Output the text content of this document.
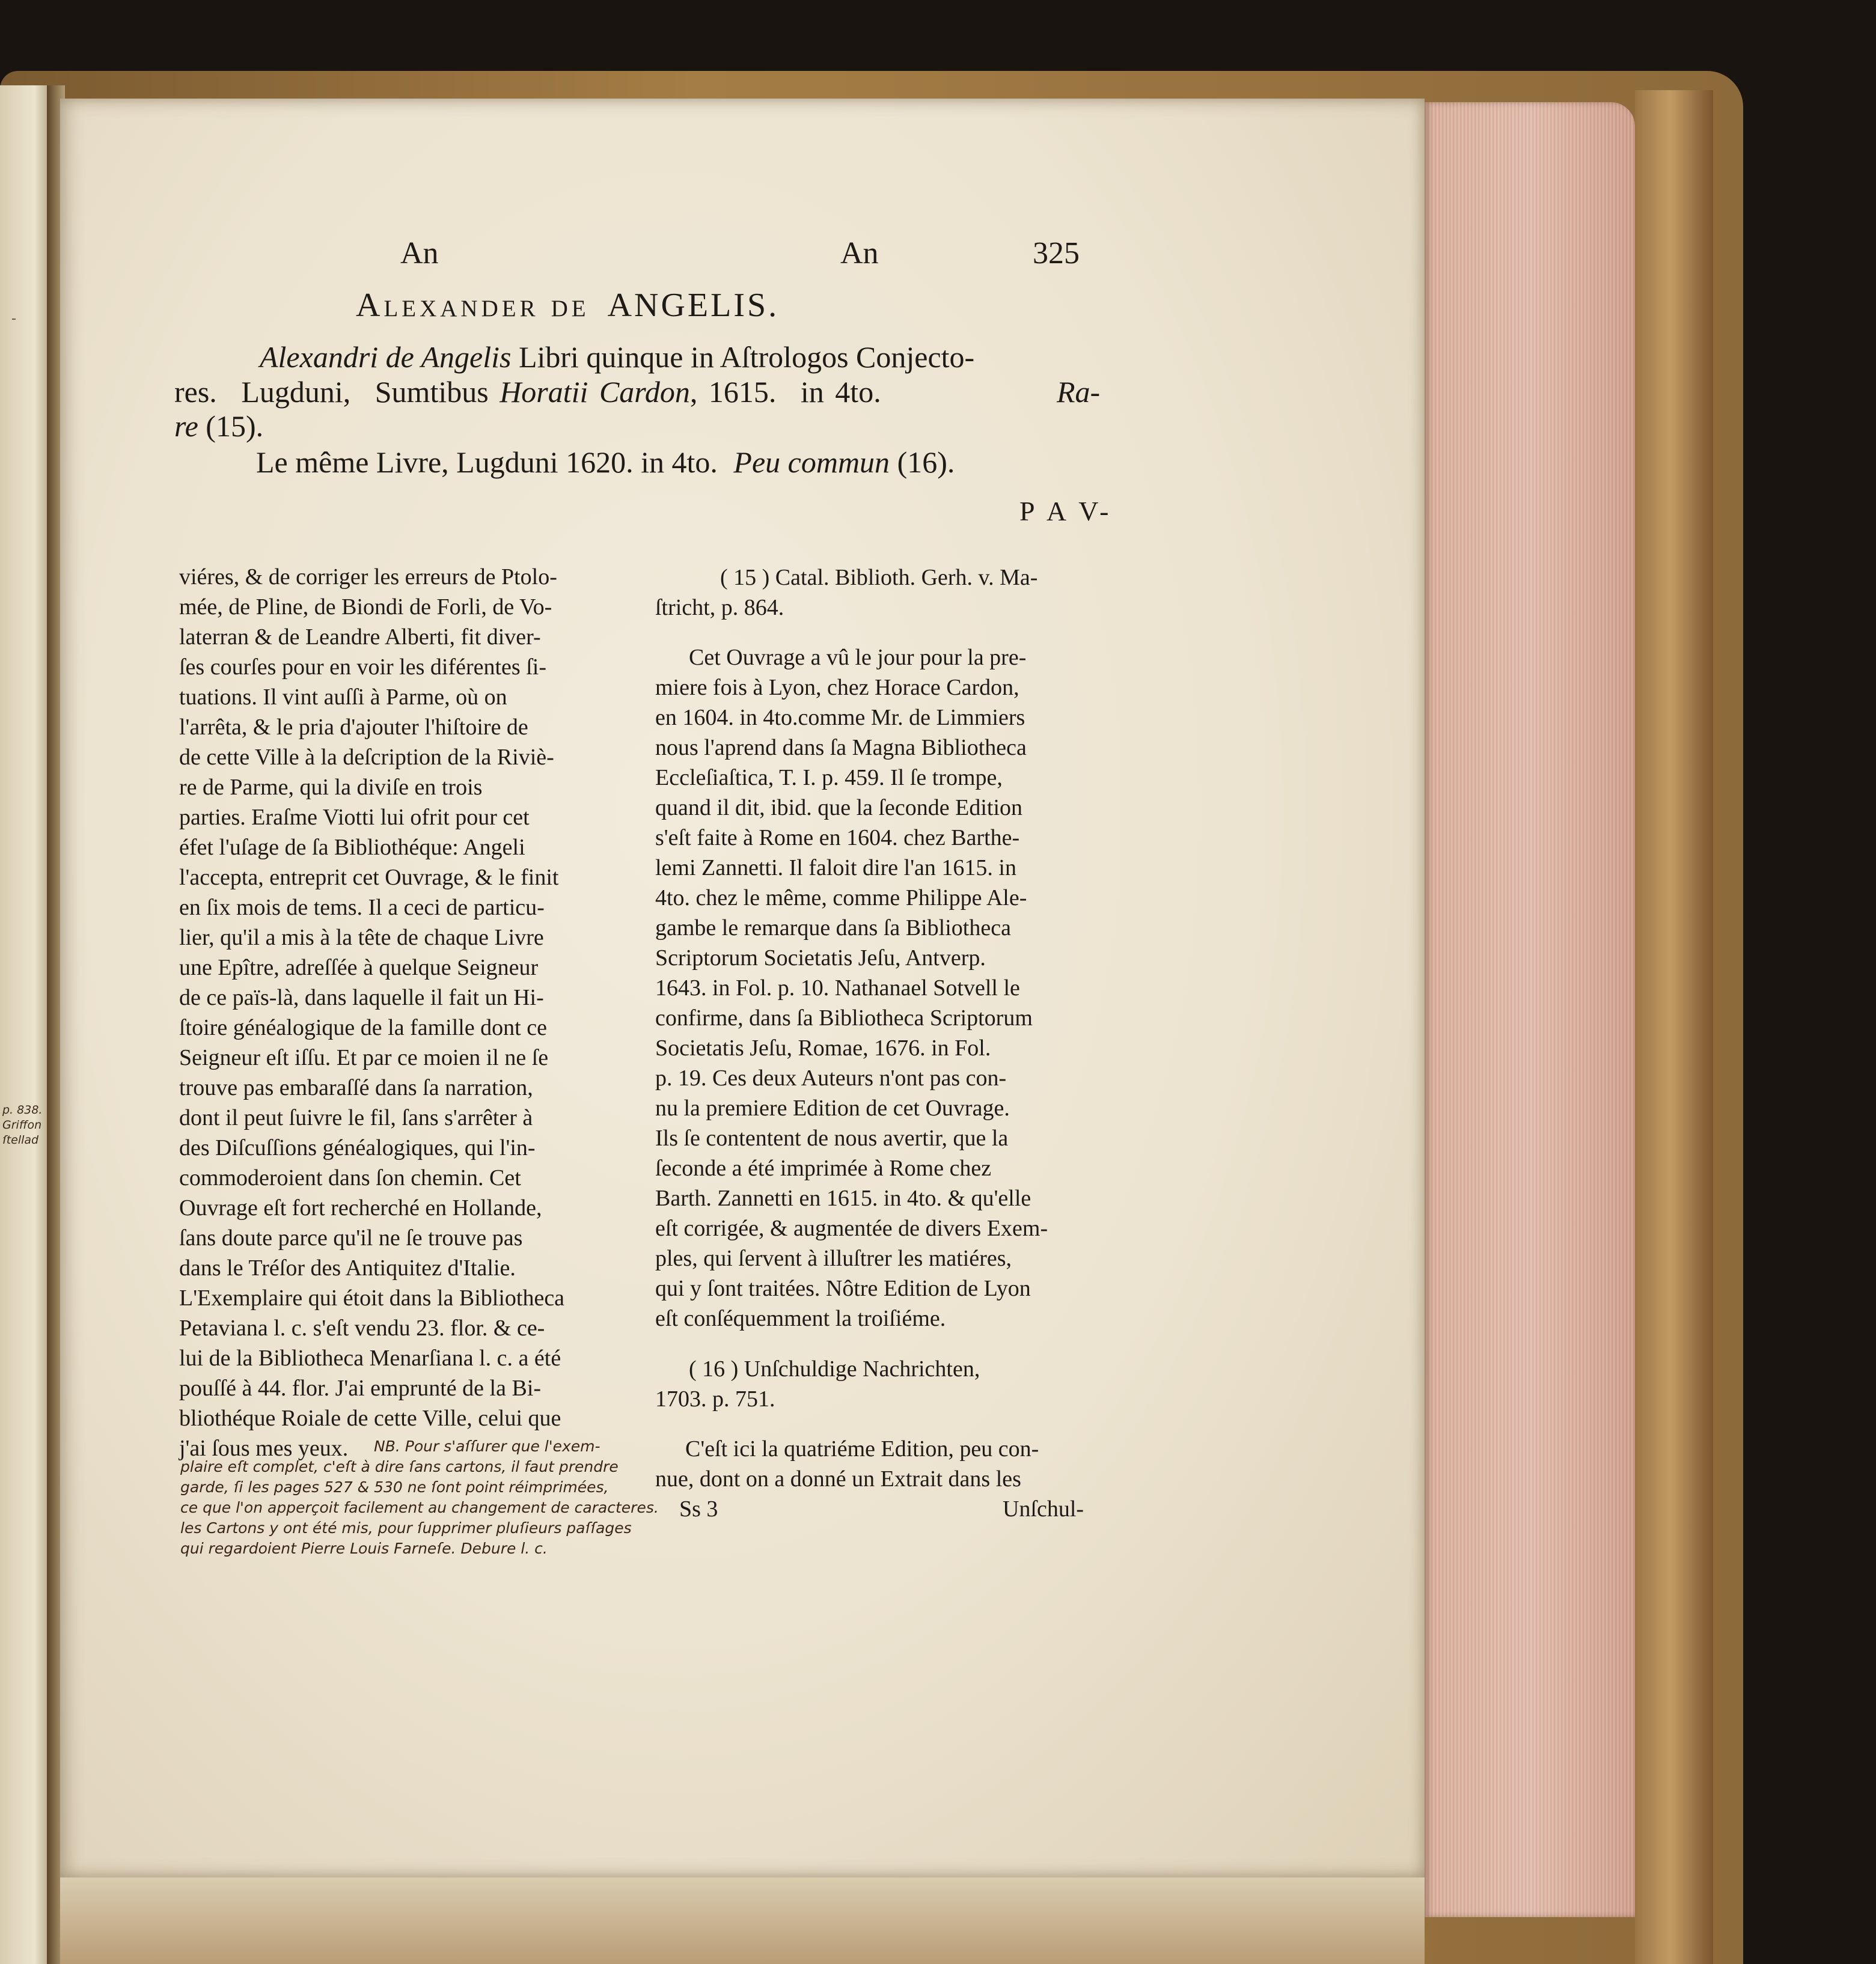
p. 838.
Griffon
ſtellad
An	An	325
Alexander de ANGELIS.
Alexandri de Angelis Libri quinque in Aſtrologos Conjecto-
res. Lugduni, Sumtibus Horatii Cardon, 1615. in 4to.	Ra-
re (15).
Le même Livre, Lugduni 1620. in 4to. Peu commun (16).
P A V-
viéres, & de corriger les erreurs de Ptolo-
mée, de Pline, de Biondi de Forli, de Vo-
laterran & de Leandre Alberti, fit diver-
ſes courſes pour en voir les diférentes ſi-
tuations. Il vint auſſi à Parme, où on
l'arrêta, & le pria d'ajouter l'hiſtoire de
de cette Ville à la deſcription de la Riviè-
re de Parme, qui la diviſe en trois
parties. Eraſme Viotti lui ofrit pour cet
éfet l'uſage de ſa Bibliothéque: Angeli
l'accepta, entreprit cet Ouvrage, & le finit
en ſix mois de tems. Il a ceci de particu-
lier, qu'il a mis à la tête de chaque Livre
une Epître, adreſſée à quelque Seigneur
de ce païs-là, dans laquelle il fait un Hi-
ſtoire généalogique de la famille dont ce
Seigneur eſt iſſu. Et par ce moien il ne ſe
trouve pas embaraſſé dans ſa narration,
dont il peut ſuivre le fil, ſans s'arrêter à
des Diſcuſſions généalogiques, qui l'in-
commoderoient dans ſon chemin. Cet
Ouvrage eſt fort recherché en Hollande,
ſans doute parce qu'il ne ſe trouve pas
dans le Tréſor des Antiquitez d'Italie.
L'Exemplaire qui étoit dans la Bibliotheca
Petaviana l. c. s'eſt vendu 23. flor. & ce-
lui de la Bibliotheca Menarſiana l. c. a été
pouſſé à 44. flor. J'ai emprunté de la Bi-
bliothéque Roiale de cette Ville, celui que
j'ai ſous mes yeux. NB. Pour s'aſſurer que l'exem-
plaire eſt complet, c'eſt à dire ſans cartons, il faut prendre
garde, ſi les pages 527 & 530 ne ſont point réimprimées,
ce que l'on apperçoit facilement au changement de caracteres.
les Cartons y ont été mis, pour ſupprimer pluſieurs paſſages
qui regardoient Pierre Louis Farneſe. Debure l. c.
( 15 ) Catal. Biblioth. Gerh. v. Ma-
ſtricht, p. 864.
Cet Ouvrage a vû le jour pour la pre-
miere fois à Lyon, chez Horace Cardon,
en 1604. in 4to.comme Mr. de Limmiers
nous l'aprend dans ſa Magna Bibliotheca
Eccleſiaſtica, T. I. p. 459. Il ſe trompe,
quand il dit, ibid. que la ſeconde Edition
s'eſt faite à Rome en 1604. chez Barthe-
lemi Zannetti. Il faloit dire l'an 1615. in
4to. chez le même, comme Philippe Ale-
gambe le remarque dans ſa Bibliotheca
Scriptorum Societatis Jeſu, Antverp.
1643. in Fol. p. 10. Nathanael Sotvell le
confirme, dans ſa Bibliotheca Scriptorum
Societatis Jeſu, Romae, 1676. in Fol.
p. 19. Ces deux Auteurs n'ont pas con-
nu la premiere Edition de cet Ouvrage.
Ils ſe contentent de nous avertir, que la
ſeconde a été imprimée à Rome chez
Barth. Zannetti en 1615. in 4to. & qu'elle
eſt corrigée, & augmentée de divers Exem-
ples, qui ſervent à illuſtrer les matiéres,
qui y ſont traitées. Nôtre Edition de Lyon
eſt conſéquemment la troiſiéme.
( 16 ) Unſchuldige Nachrichten,
1703. p. 751.
C'eſt ici la quatriéme Edition, peu con-
nue, dont on a donné un Extrait dans les
Ss 3	Unſchul-
